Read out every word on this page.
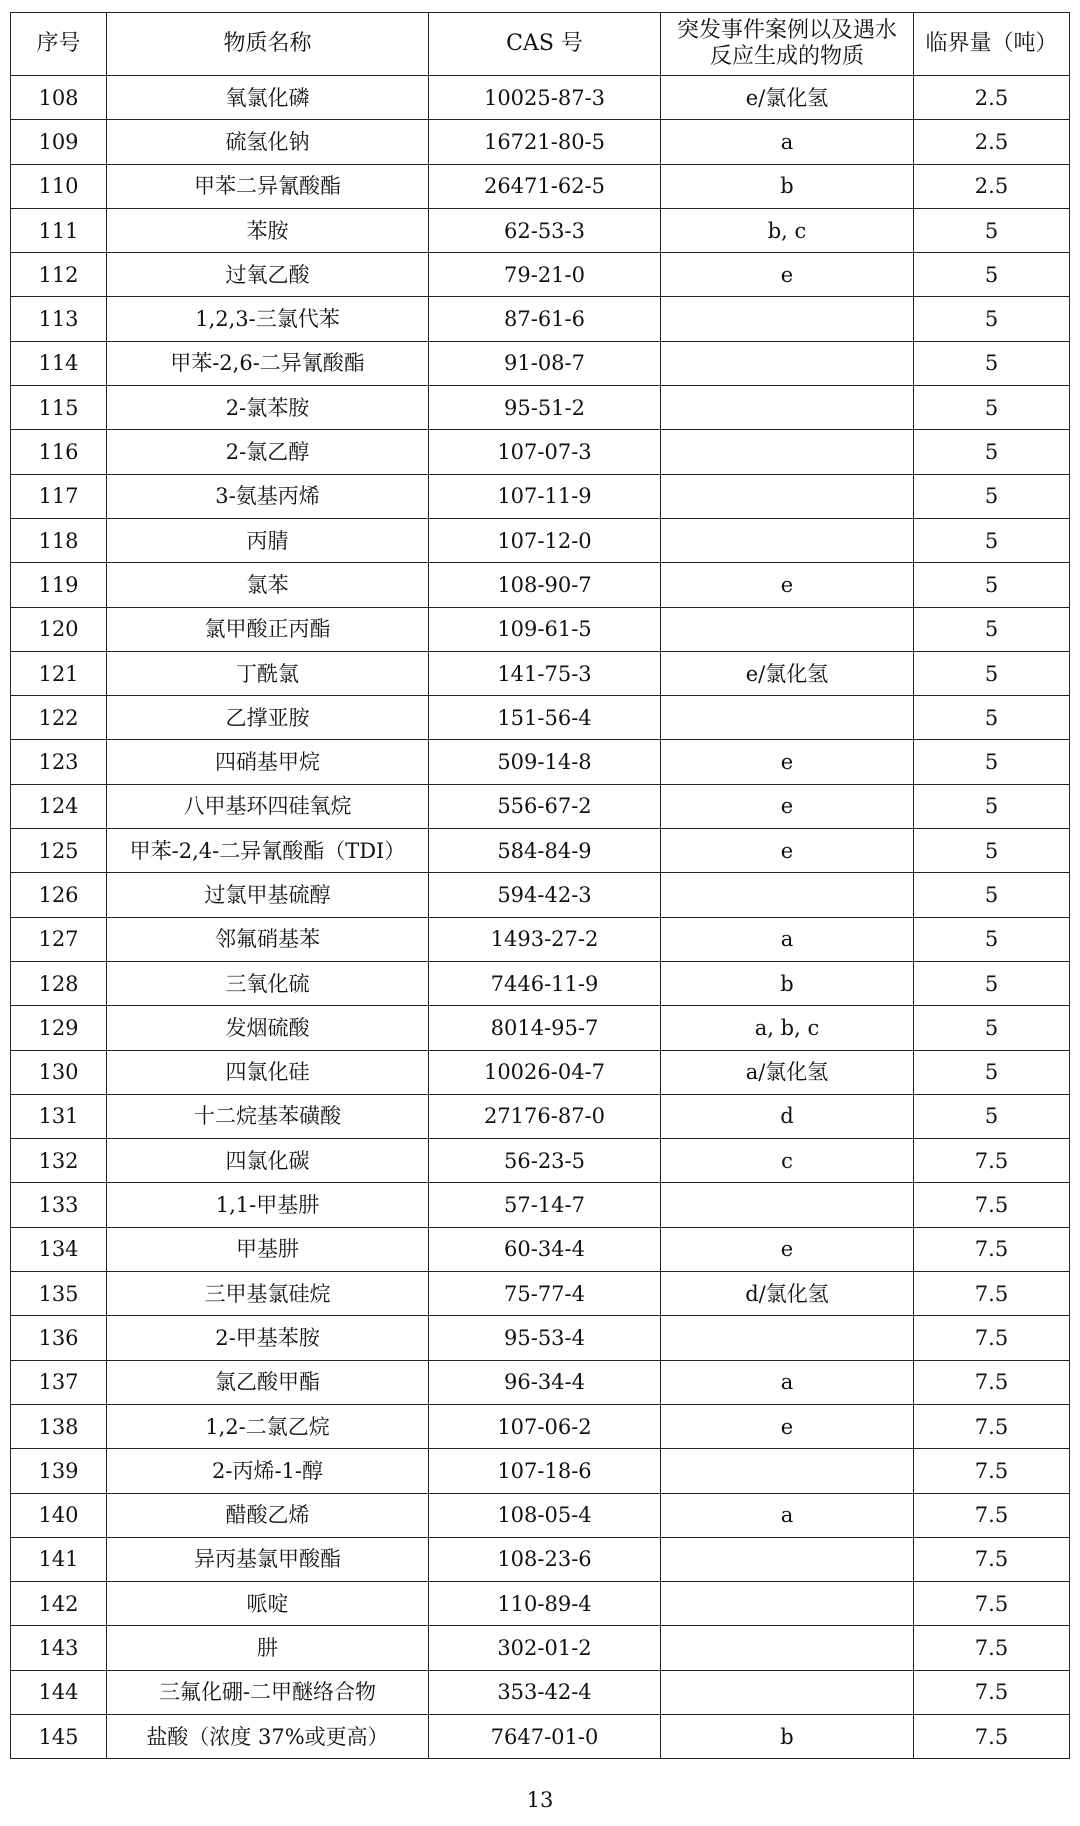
序号	物质名称	CAS 号	突发事件案例以及遇水反应生成的物质	临界量（吨）
108	氧氯化磷	10025-87-3	e/氯化氢	2.5
109	硫氢化钠	16721-80-5	a	2.5
110	甲苯二异氰酸酯	26471-62-5	b	2.5
111	苯胺	62-53-3	b, c	5
112	过氧乙酸	79-21-0	e	5
113	1,2,3-三氯代苯	87-61-6		5
114	甲苯-2,6-二异氰酸酯	91-08-7		5
115	2-氯苯胺	95-51-2		5
116	2-氯乙醇	107-07-3		5
117	3-氨基丙烯	107-11-9		5
118	丙腈	107-12-0		5
119	氯苯	108-90-7	e	5
120	氯甲酸正丙酯	109-61-5		5
121	丁酰氯	141-75-3	e/氯化氢	5
122	乙撑亚胺	151-56-4		5
123	四硝基甲烷	509-14-8	e	5
124	八甲基环四硅氧烷	556-67-2	e	5
125	甲苯-2,4-二异氰酸酯（TDI）	584-84-9	e	5
126	过氯甲基硫醇	594-42-3		5
127	邻氟硝基苯	1493-27-2	a	5
128	三氧化硫	7446-11-9	b	5
129	发烟硫酸	8014-95-7	a, b, c	5
130	四氯化硅	10026-04-7	a/氯化氢	5
131	十二烷基苯磺酸	27176-87-0	d	5
132	四氯化碳	56-23-5	c	7.5
133	1,1-甲基肼	57-14-7		7.5
134	甲基肼	60-34-4	e	7.5
135	三甲基氯硅烷	75-77-4	d/氯化氢	7.5
136	2-甲基苯胺	95-53-4		7.5
137	氯乙酸甲酯	96-34-4	a	7.5
138	1,2-二氯乙烷	107-06-2	e	7.5
139	2-丙烯-1-醇	107-18-6		7.5
140	醋酸乙烯	108-05-4	a	7.5
141	异丙基氯甲酸酯	108-23-6		7.5
142	哌啶	110-89-4		7.5
143	肼	302-01-2		7.5
144	三氟化硼-二甲醚络合物	353-42-4		7.5
145	盐酸（浓度 37%或更高）	7647-01-0	b	7.5
13
